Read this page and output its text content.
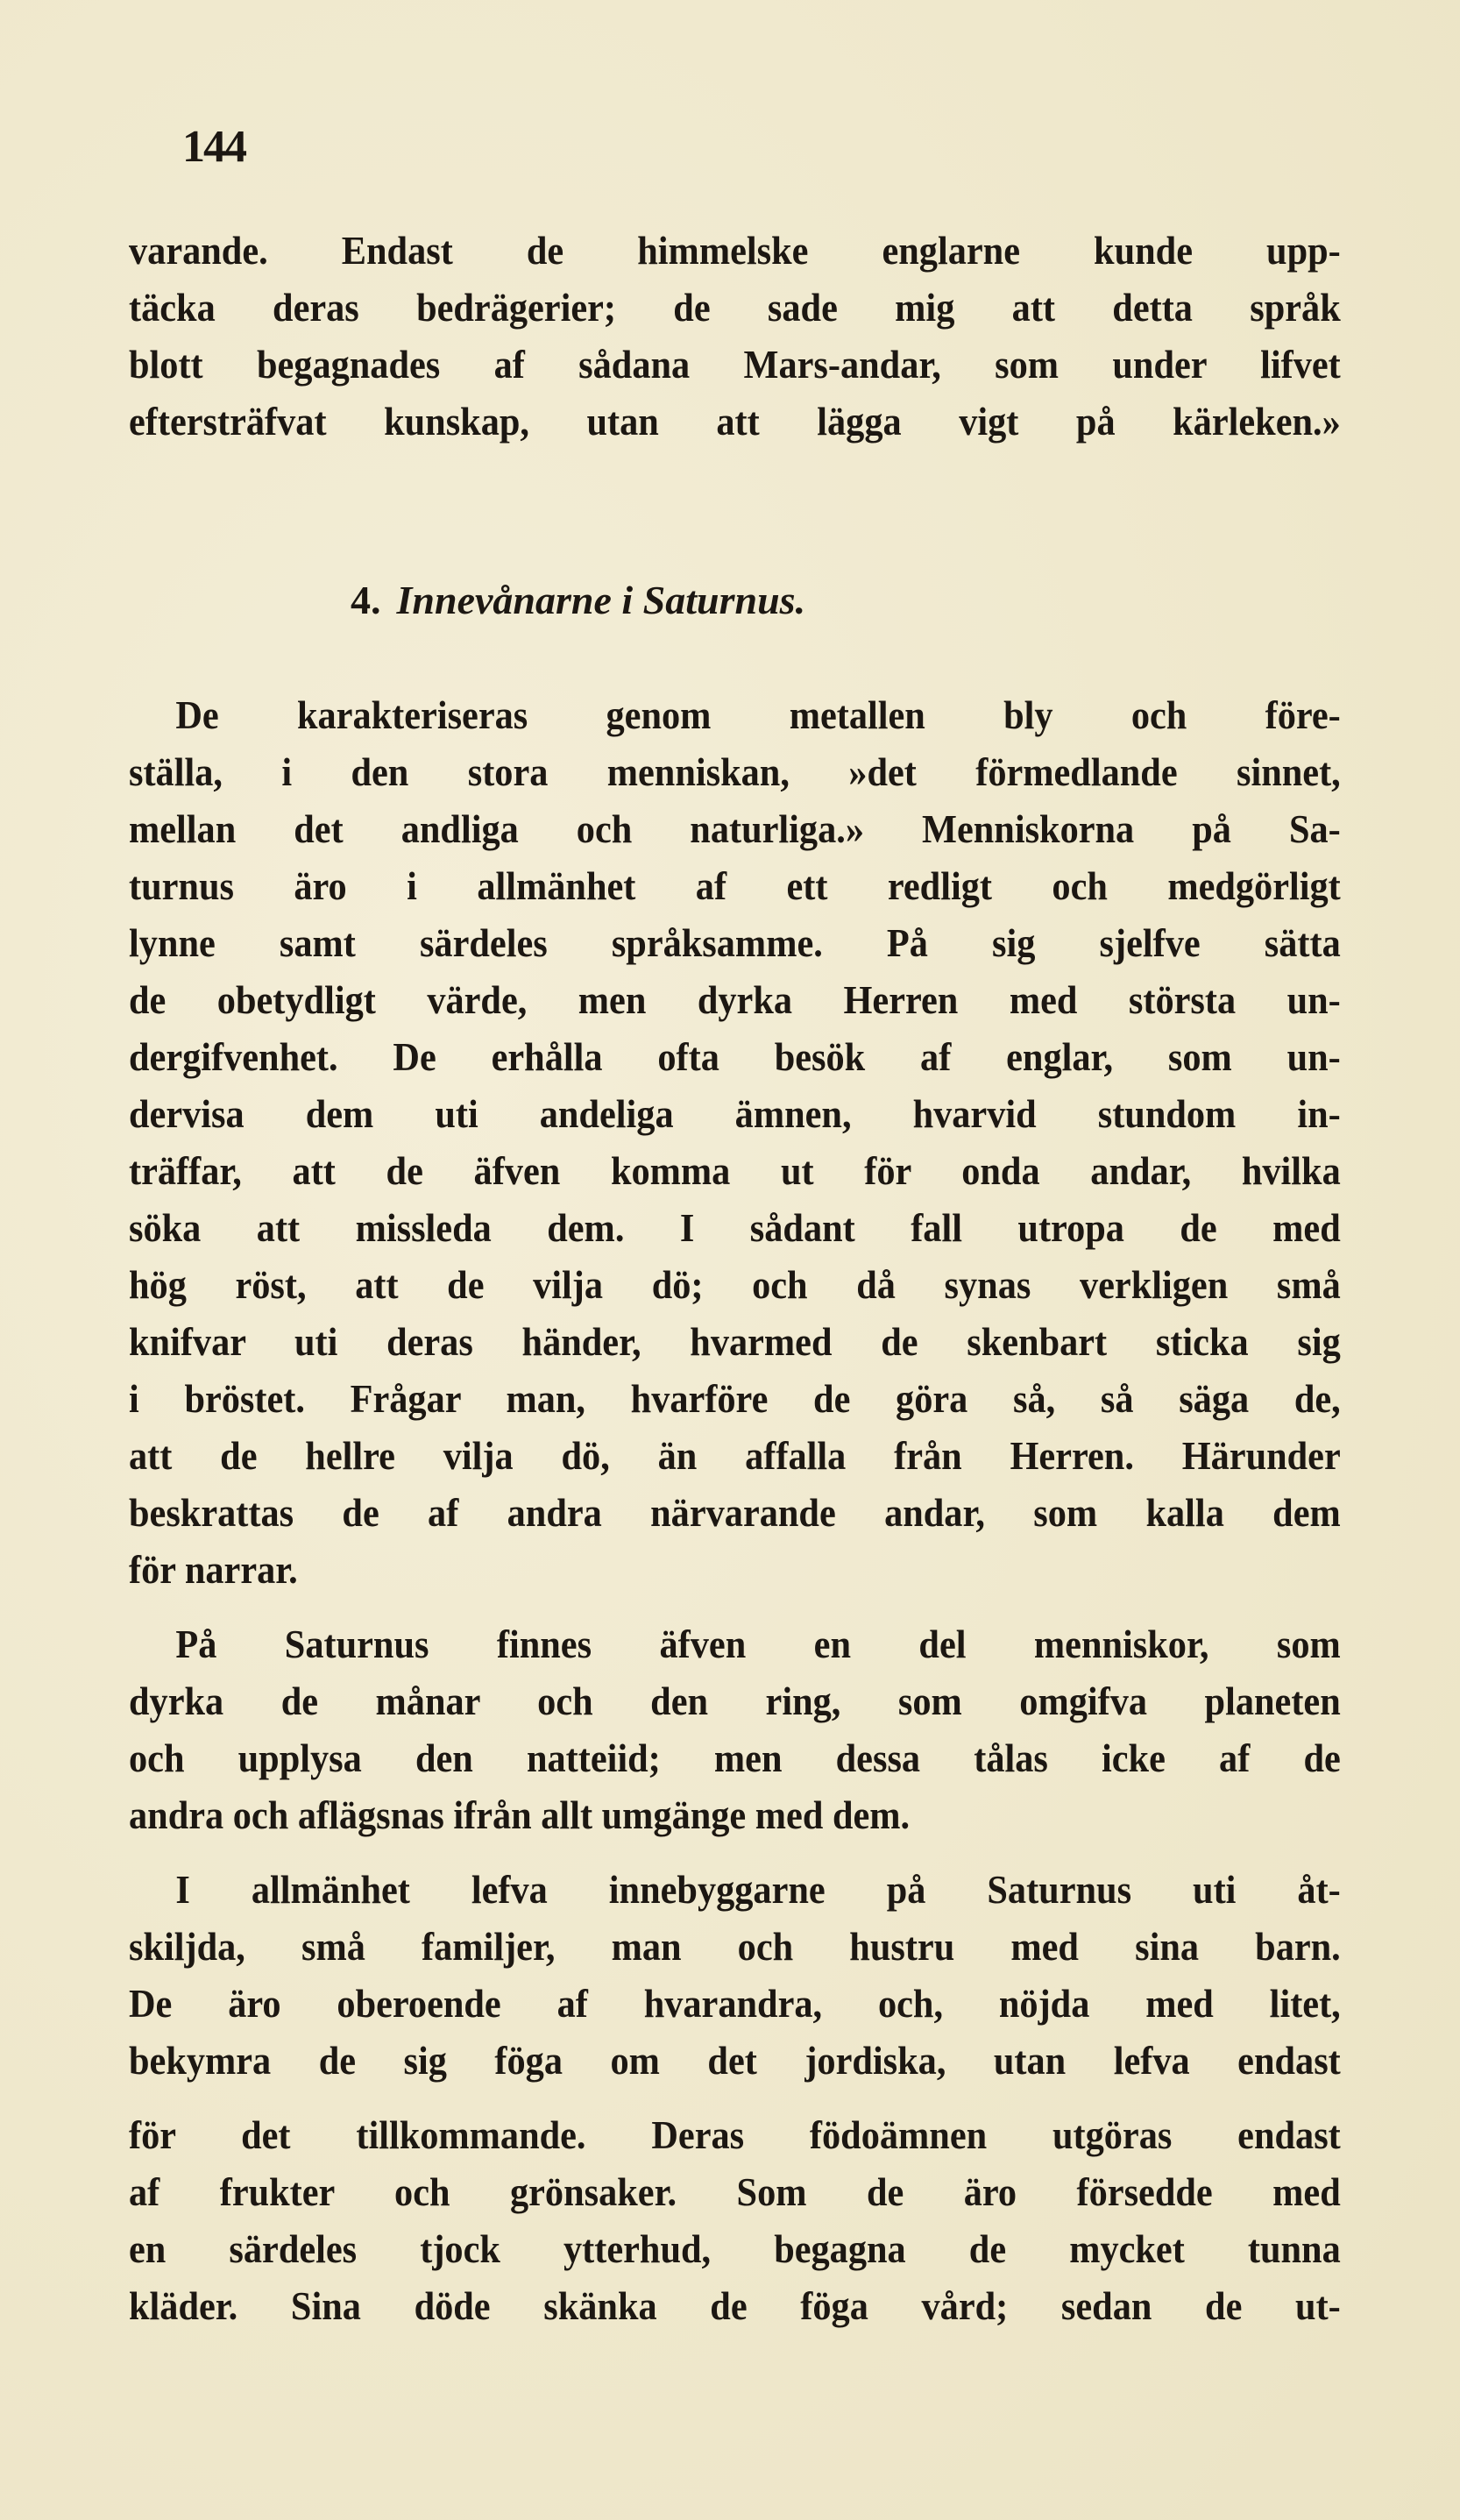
144
varande. Endast de himmelske englarne kunde upp-
täcka deras bedrägerier; de sade mig att detta språk
blott begagnades af sådana Mars-andar, som under lifvet
eftersträfvat kunskap, utan att lägga vigt på kärleken.»
4. Innevånarne i Saturnus.
De karakteriseras genom metallen bly och före-
ställa, i den stora menniskan, »det förmedlande sinnet,
mellan det andliga och naturliga.» Menniskorna på Sa-
turnus äro i allmänhet af ett redligt och medgörligt
lynne samt särdeles språksamme. På sig sjelfve sätta
de obetydligt värde, men dyrka Herren med största un-
dergifvenhet. De erhålla ofta besök af englar, som un-
dervisa dem uti andeliga ämnen, hvarvid stundom in-
träffar, att de äfven komma ut för onda andar, hvilka
söka att missleda dem. I sådant fall utropa de med
hög röst, att de vilja dö; och då synas verkligen små
knifvar uti deras händer, hvarmed de skenbart sticka sig
i bröstet. Frågar man, hvarföre de göra så, så säga de,
att de hellre vilja dö, än affalla från Herren. Härunder
beskrattas de af andra närvarande andar, som kalla dem
för narrar.
På Saturnus finnes äfven en del menniskor, som
dyrka de månar och den ring, som omgifva planeten
och upplysa den natteiid; men dessa tålas icke af de
andra och aflägsnas ifrån allt umgänge med dem.
I allmänhet lefva innebyggarne på Saturnus uti åt-
skiljda, små familjer, man och hustru med sina barn.
De äro oberoende af hvarandra, och, nöjda med litet,
bekymra de sig föga om det jordiska, utan lefva endast
för det tillkommande. Deras födoämnen utgöras endast
af frukter och grönsaker. Som de äro försedde med
en särdeles tjock ytterhud, begagna de mycket tunna
kläder. Sina döde skänka de föga vård; sedan de ut-
